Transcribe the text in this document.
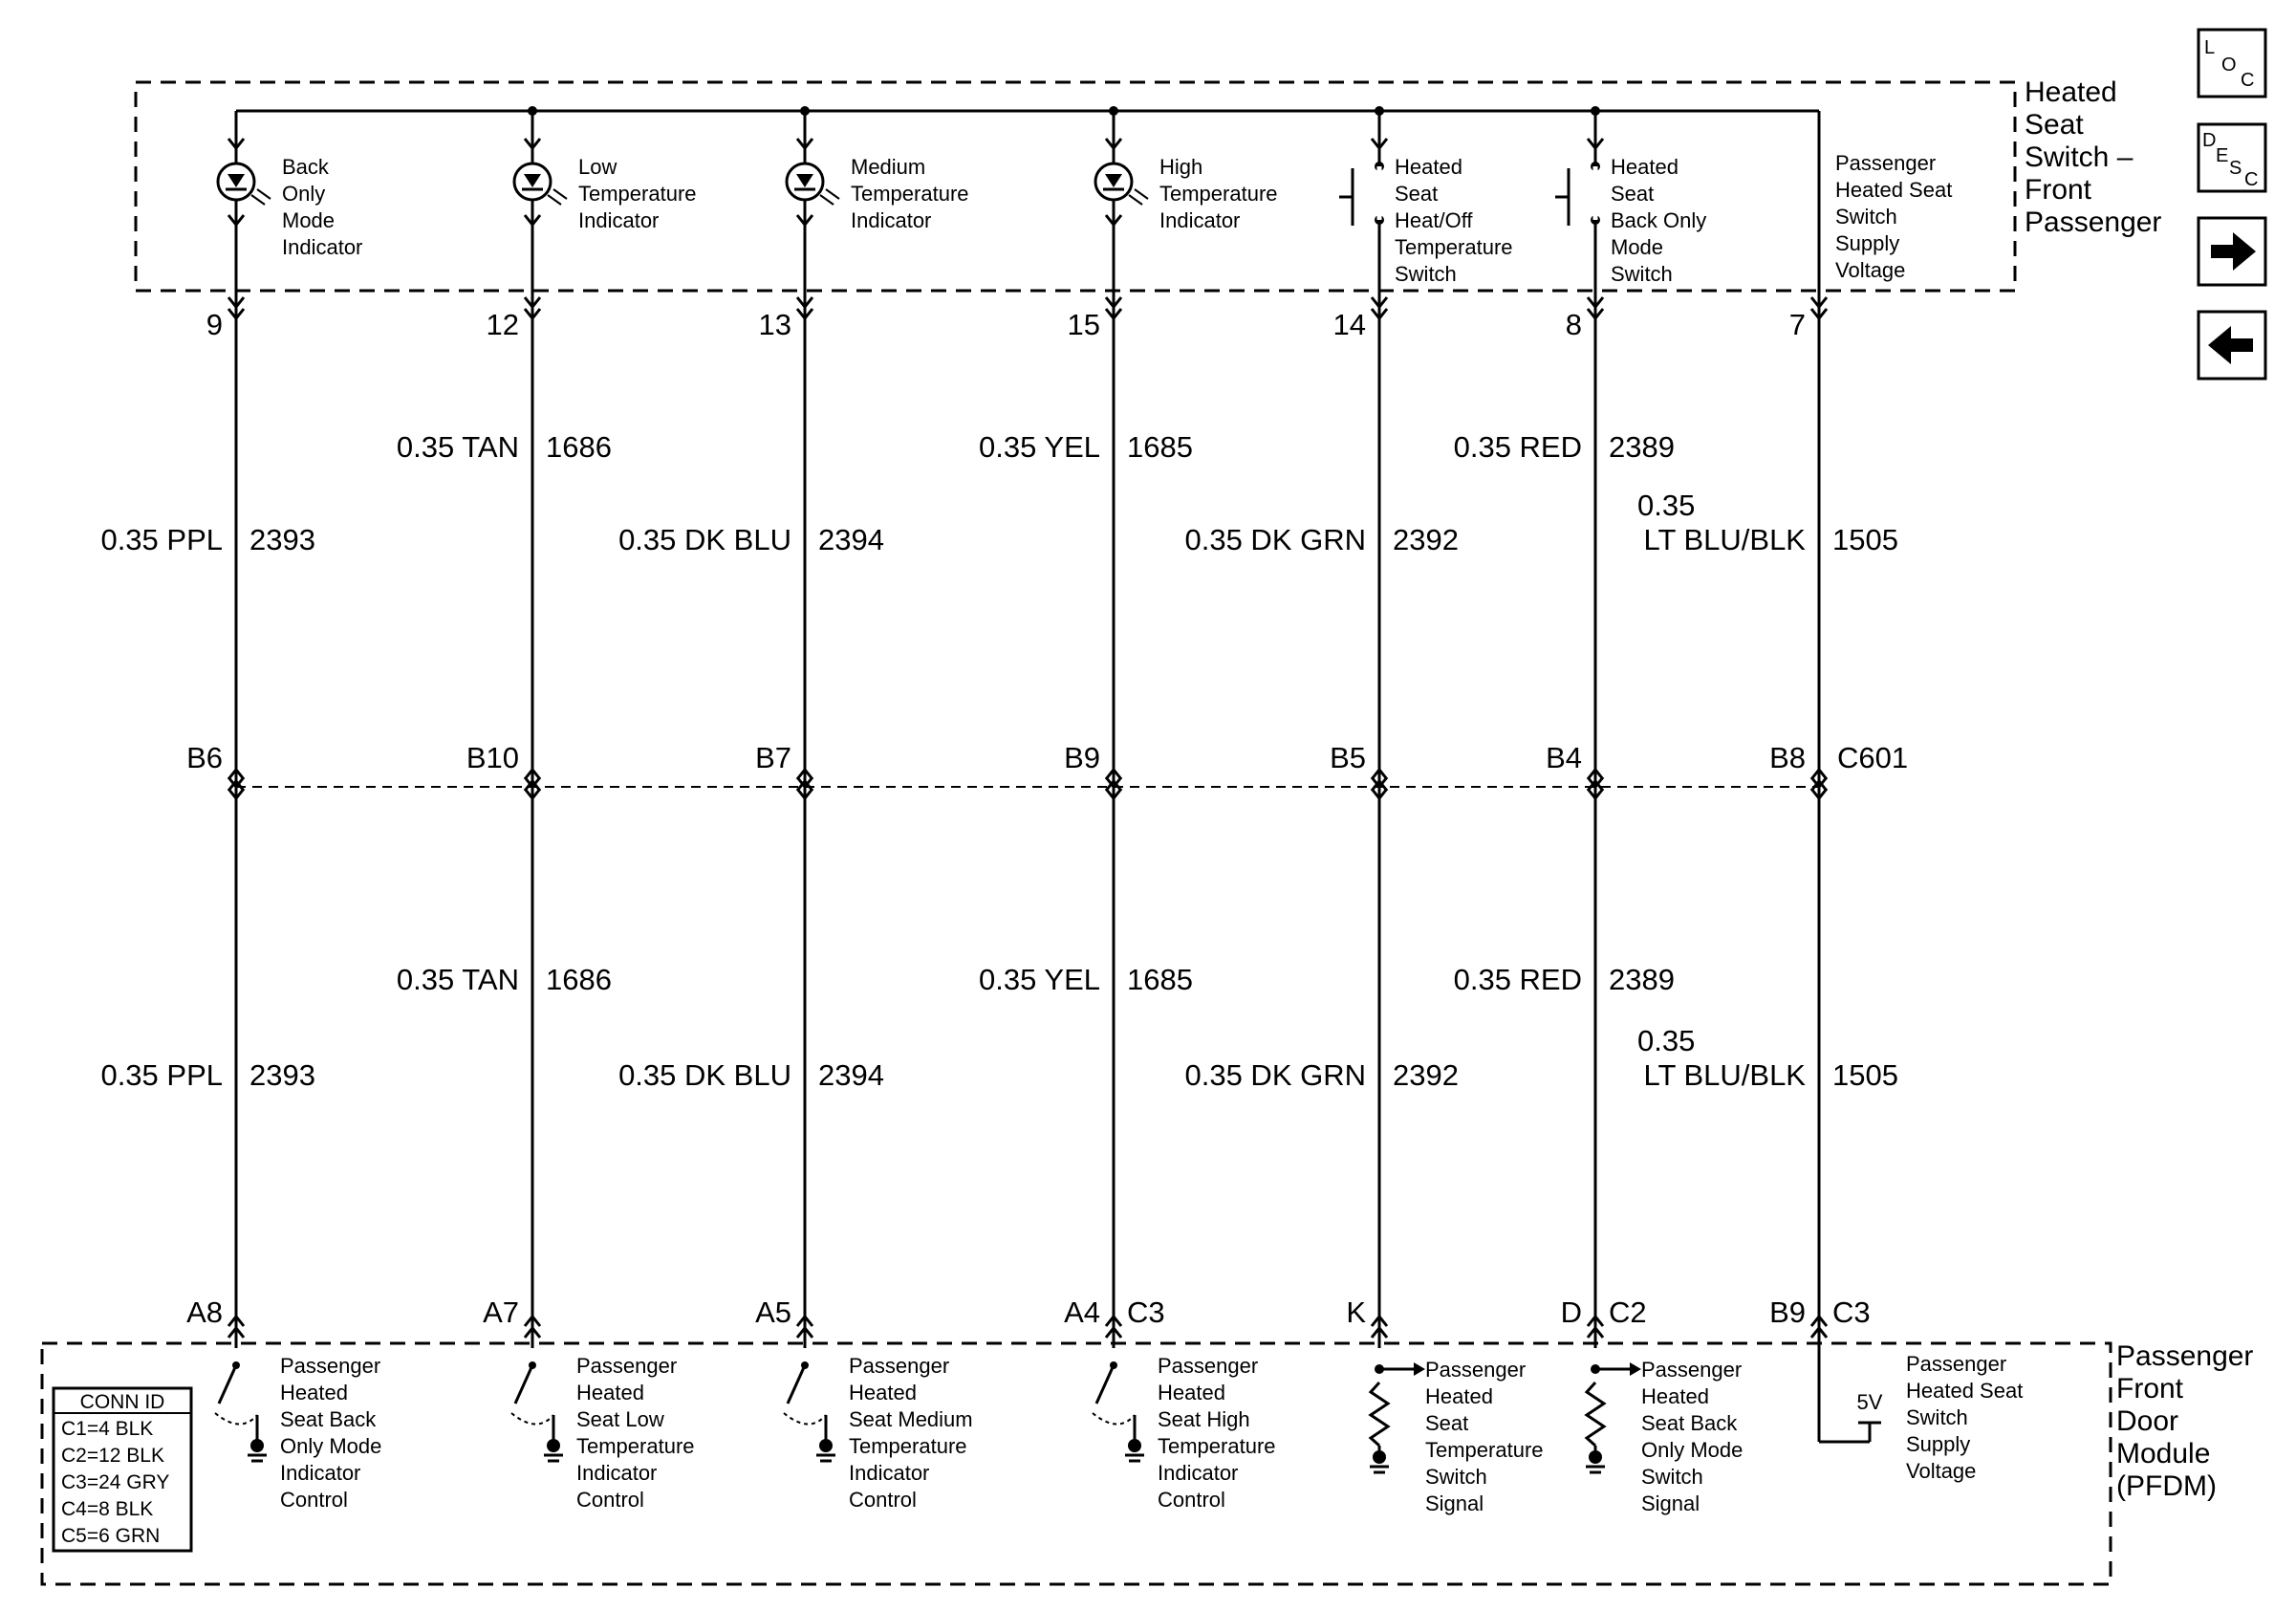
Back
Only
Mode
Indicator
Low
Temperature
Indicator
Medium
Temperature
Indicator
High
Temperature
Indicator
Heated
Seat
Heat/Off
Temperature
Switch
Heated
Seat
Back Only
Mode
Switch
Passenger
Heated Seat
Switch
Supply
Voltage
Passenger
Heated
Seat Back
Only Mode
Indicator
Control
Passenger
Heated
Seat Low
Temperature
Indicator
Control
Passenger
Heated
Seat Medium
Temperature
Indicator
Control
Passenger
Heated
Seat High
Temperature
Indicator
Control
Passenger
Heated
Seat
Temperature
Switch
Signal
Passenger
Heated
Seat Back
Only Mode
Switch
Signal
5V
Passenger
Heated Seat
Switch
Supply
Voltage
9
B6
A8
0.35 PPL 2393
0.35 PPL 2393
12
B10
A7
0.35 TAN 1686
0.35 TAN 1686
13
B7
A5
0.35 DK BLU 2394
0.35 DK BLU 2394
15
B9
A4 C3
0.35 YEL 1685
0.35 YEL 1685
14
B5
K
0.35 DK GRN 2392
0.35 DK GRN 2392
8
B4
D C2
0.35 RED 2389
0.35 RED 2389
7
B8
B9 C3
0.35
LT BLU/BLK 1505
0.35
LT BLU/BLK 1505
Heated
Seat
Switch –
Front
Passenger
Passenger
Front
Door
Module
(PFDM)
C601
CONN ID
C1=4 BLK
C2=12 BLK
C3=24 GRY
C4=8 BLK
C5=6 GRN
L
O
C
D
E
S
C
